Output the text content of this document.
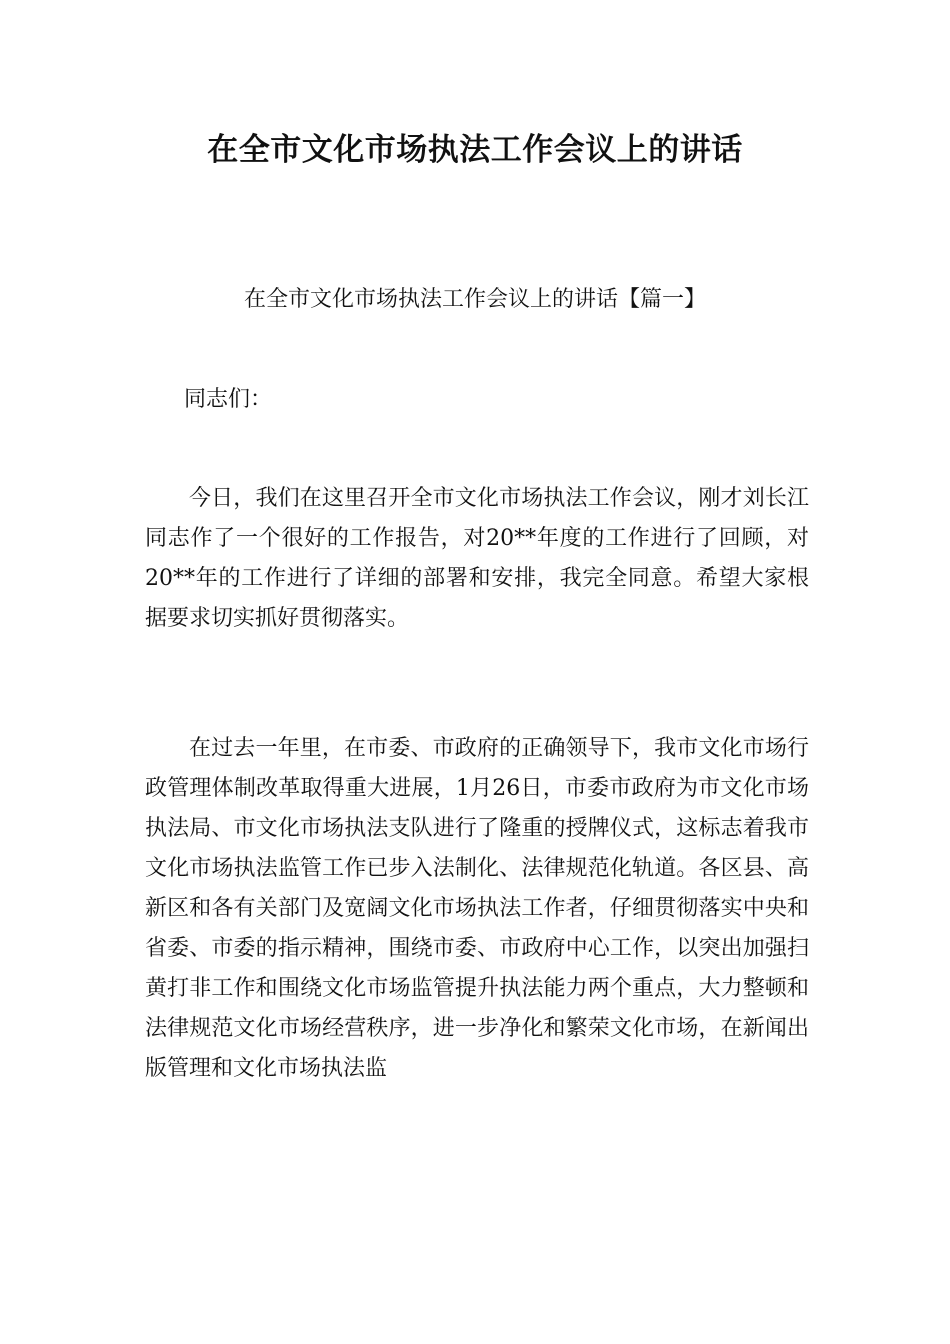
在全市文化市场执法工作会议上的讲话
在全市文化市场执法工作会议上的讲话【篇一】

同志们：

今日，我们在这里召开全市文化市场执法工作会议，刚才刘长江同志作了一个很好的工作报告，对20**年度的工作进行了回顾，对20**年的工作进行了详细的部署和安排，我完全同意。希望大家根据要求切实抓好贯彻落实。

在过去一年里，在市委、市政府的正确领导下，我市文化市场行政管理体制改革取得重大进展，1月26日，市委市政府为市文化市场执法局、市文化市场执法支队进行了隆重的授牌仪式，这标志着我市文化市场执法监管工作已步入法制化、法律规范化轨道。各区县、高新区和各有关部门及宽阔文化市场执法工作者，仔细贯彻落实中央和省委、市委的指示精神，围绕市委、市政府中心工作，以突出加强扫黄打非工作和围绕文化市场监管提升执法能力两个重点，大力整顿和法律规范文化市场经营秩序，进一步净化和繁荣文化市场，在新闻出版管理和文化市场执法监
